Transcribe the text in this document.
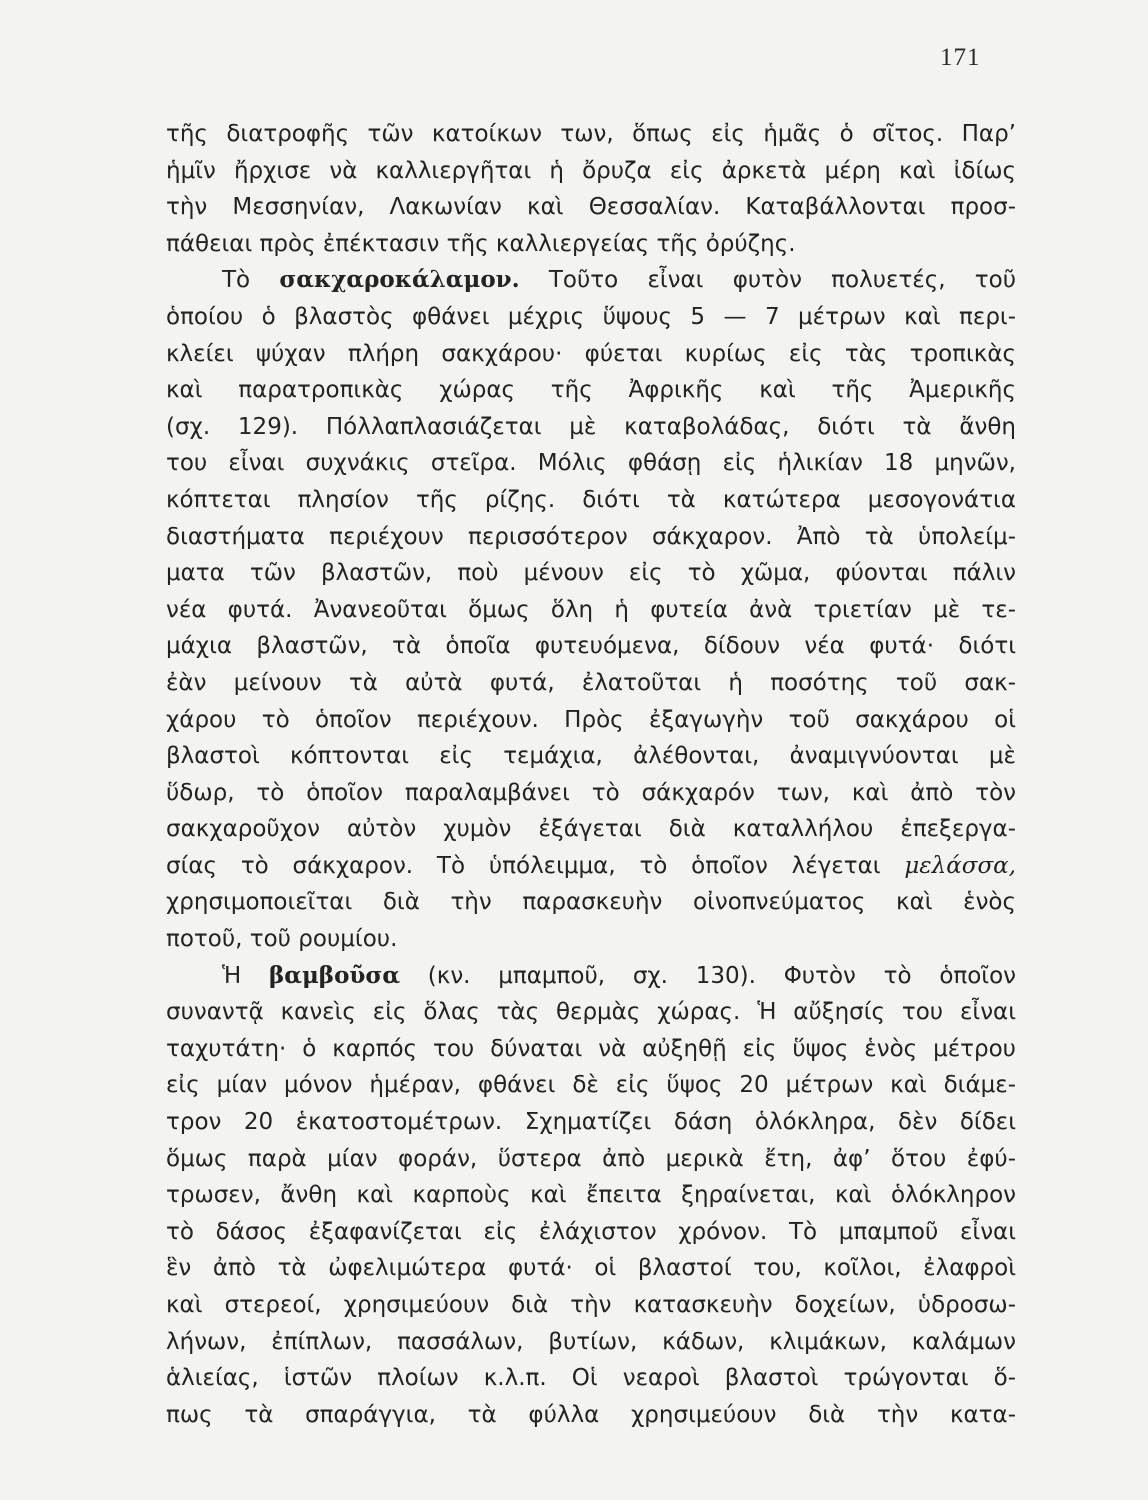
171
τῆς διατροφῆς τῶν κατοίκων των, ὅπως εἰς ἡμᾶς ὁ σῖτος. Παρ’
ἡμῖν ἤρχισε νὰ καλλιεργῆται ἡ ὄρυζα εἰς ἀρκετὰ μέρη καὶ ἰδίως
τὴν Μεσσηνίαν, Λακωνίαν καὶ Θεσσαλίαν. Καταβάλλονται προσ-
πάθειαι πρὸς ἐπέκτασιν τῆς καλλιεργείας τῆς ὀρύζης.
Τὸ σακχαροκάλαμον. Τοῦτο εἶναι φυτὸν πολυετές, τοῦ
ὁποίου ὁ βλαστὸς φθάνει μέχρις ὕψους 5 — 7 μέτρων καὶ περι-
κλείει ψύχαν πλήρη σακχάρου· φύεται κυρίως εἰς τὰς τροπικὰς
καὶ παρατροπικὰς χώρας τῆς Ἀφρικῆς καὶ τῆς Ἀμερικῆς
(σχ. 129). Πόλλαπλασιάζεται μὲ καταβολάδας, διότι τὰ ἄνθη
του εἶναι συχνάκις στεῖρα. Μόλις φθάσῃ εἰς ἡλικίαν 18 μηνῶν,
κόπτεται πλησίον τῆς ρίζης. διότι τὰ κατώτερα μεσογονάτια
διαστήματα περιέχουν περισσότερον σάκχαρον. Ἀπὸ τὰ ὑπολείμ-
ματα τῶν βλαστῶν, ποὺ μένουν εἰς τὸ χῶμα, φύονται πάλιν
νέα φυτά. Ἀνανεοῦται ὅμως ὅλη ἡ φυτεία ἀνὰ τριετίαν μὲ τε-
μάχια βλαστῶν, τὰ ὁποῖα φυτευόμενα, δίδουν νέα φυτά· διότι
ἐὰν μείνουν τὰ αὐτὰ φυτά, ἐλατοῦται ἡ ποσότης τοῦ σακ-
χάρου τὸ ὁποῖον περιέχουν. Πρὸς ἐξαγωγὴν τοῦ σακχάρου οἱ
βλαστοὶ κόπτονται εἰς τεμάχια, ἀλέθονται, ἀναμιγνύονται μὲ
ὕδωρ, τὸ ὁποῖον παραλαμβάνει τὸ σάκχαρόν των, καὶ ἀπὸ τὸν
σακχαροῦχον αὐτὸν χυμὸν ἐξάγεται διὰ καταλλήλου ἐπεξεργα-
σίας τὸ σάκχαρον. Τὸ ὑπόλειμμα, τὸ ὁποῖον λέγεται μελάσσα,
χρησιμοποιεῖται διὰ τὴν παρασκευὴν οἰνοπνεύματος καὶ ἑνὸς
ποτοῦ, τοῦ ρουμίου.
Ἡ βαμβοῦσα (κν. μπαμποῦ, σχ. 130). Φυτὸν τὸ ὁποῖον
συναντᾷ κανεὶς εἰς ὅλας τὰς θερμὰς χώρας. Ἡ αὔξησίς του εἶναι
ταχυτάτη· ὁ καρπός του δύναται νὰ αὐξηθῇ εἰς ὕψος ἑνὸς μέτρου
εἰς μίαν μόνον ἡμέραν, φθάνει δὲ εἰς ὕψος 20 μέτρων καὶ διάμε-
τρον 20 ἑκατοστομέτρων. Σχηματίζει δάση ὁλόκληρα, δὲν δίδει
ὅμως παρὰ μίαν φοράν, ὕστερα ἀπὸ μερικὰ ἔτη, ἀφ’ ὅτου ἐφύ-
τρωσεν, ἄνθη καὶ καρποὺς καὶ ἔπειτα ξηραίνεται, καὶ ὁλόκληρον
τὸ δάσος ἐξαφανίζεται εἰς ἐλάχιστον χρόνον. Τὸ μπαμποῦ εἶναι
ἓν ἀπὸ τὰ ὠφελιμώτερα φυτά· οἱ βλαστοί του, κοῖλοι, ἐλαφροὶ
καὶ στερεοί, χρησιμεύουν διὰ τὴν κατασκευὴν δοχείων, ὑδροσω-
λήνων, ἐπίπλων, πασσάλων, βυτίων, κάδων, κλιμάκων, καλάμων
ἁλιείας, ἱστῶν πλοίων κ.λ.π. Οἱ νεαροὶ βλαστοὶ τρώγονται ὅ-
πως τὰ σπαράγγια, τὰ φύλλα χρησιμεύουν διὰ τὴν κατα-
